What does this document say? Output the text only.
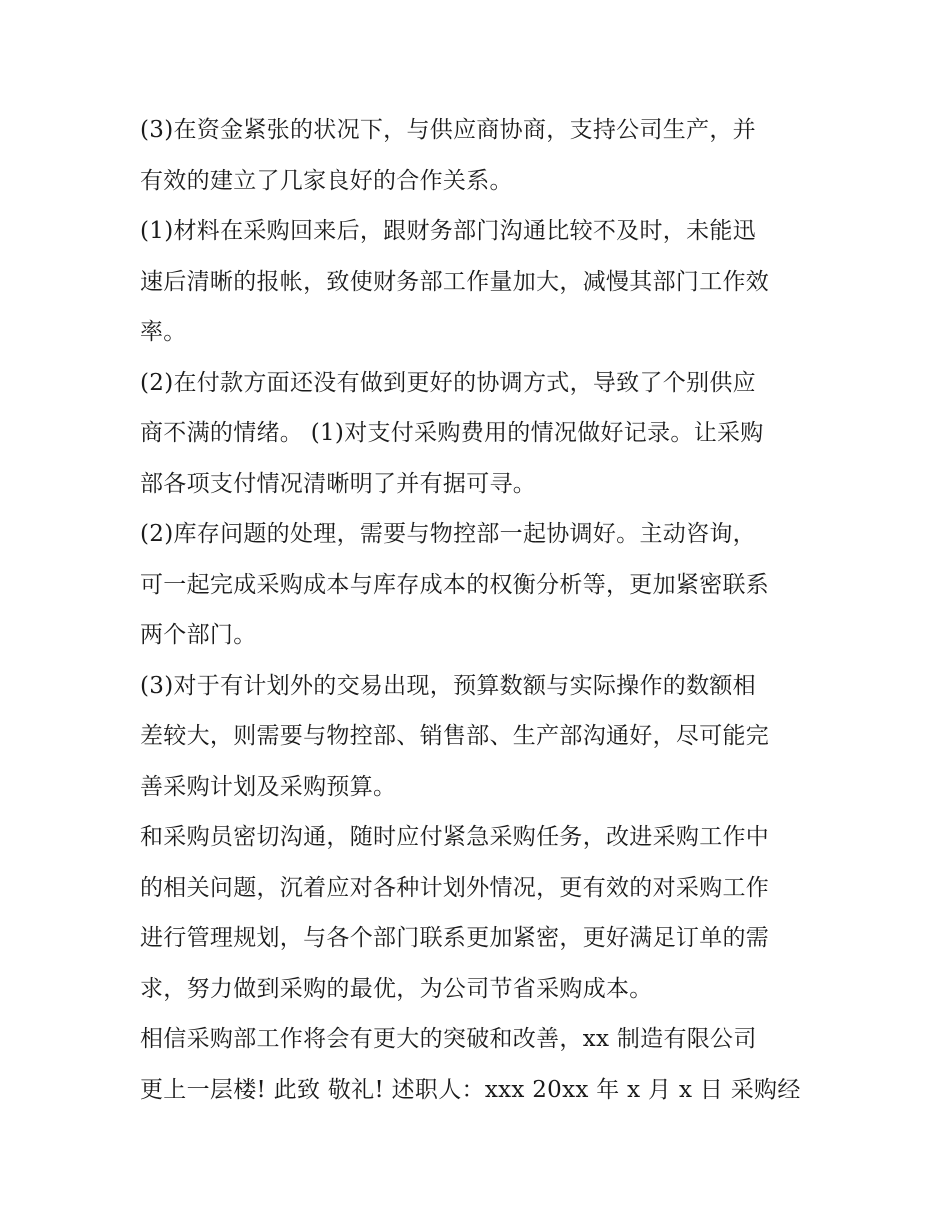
(3)在资金紧张的状况下，与供应商协商，支持公司生产，并
有效的建立了几家良好的合作关系。

(1)材料在采购回来后，跟财务部门沟通比较不及时，未能迅
速后清晰的报帐，致使财务部工作量加大，减慢其部门工作效
率。

(2)在付款方面还没有做到更好的协调方式，导致了个别供应
商不满的情绪。 (1)对支付采购费用的情况做好记录。让采购
部各项支付情况清晰明了并有据可寻。

(2)库存问题的处理，需要与物控部一起协调好。主动咨询，
可一起完成采购成本与库存成本的权衡分析等，更加紧密联系
两个部门。

(3)对于有计划外的交易出现，预算数额与实际操作的数额相
差较大，则需要与物控部、销售部、生产部沟通好，尽可能完
善采购计划及采购预算。

和采购员密切沟通，随时应付紧急采购任务，改进采购工作中
的相关问题，沉着应对各种计划外情况，更有效的对采购工作
进行管理规划，与各个部门联系更加紧密，更好满足订单的需
求，努力做到采购的最优，为公司节省采购成本。

相信采购部工作将会有更大的突破和改善，xx 制造有限公司
更上一层楼! 此致 敬礼! 述职人：xxx 20xx 年 x 月 x 日 采购经
